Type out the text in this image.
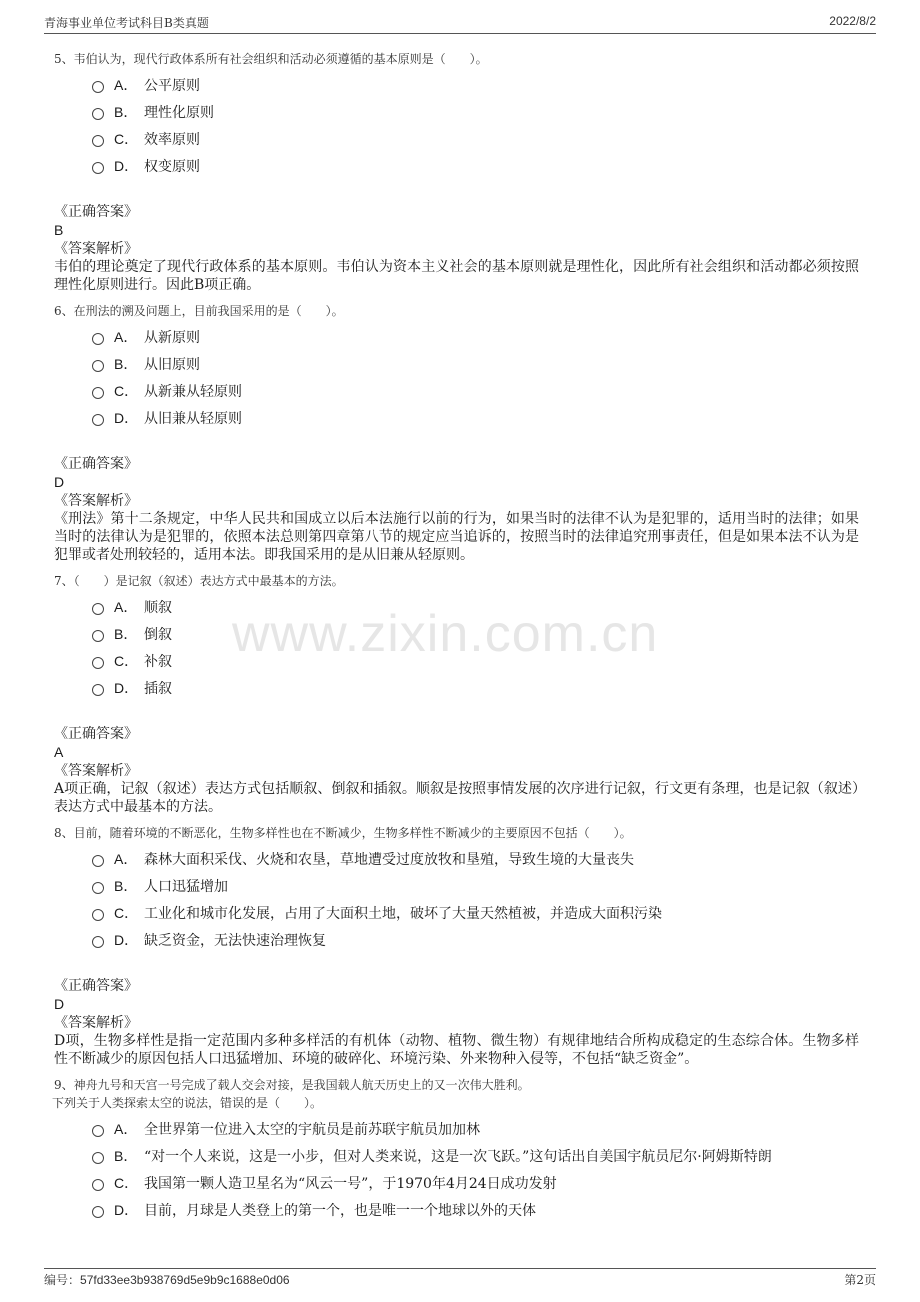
青海事业单位考试科目B类真题	2022/8/2
www.zixin.com.cn
5、韦伯认为，现代行政体系所有社会组织和活动必须遵循的基本原则是（　　）。
A． 公平原则
B． 理性化原则
C． 效率原则
D． 权变原则
《正确答案》
B
《答案解析》
韦伯的理论奠定了现代行政体系的基本原则。韦伯认为资本主义社会的基本原则就是理性化，因此所有社会组织和活动都必须按照理性化原则进行。因此B项正确。
6、在刑法的溯及问题上，目前我国采用的是（　　）。
A． 从新原则
B． 从旧原则
C． 从新兼从轻原则
D． 从旧兼从轻原则
《正确答案》
D
《答案解析》
《刑法》第十二条规定，中华人民共和国成立以后本法施行以前的行为，如果当时的法律不认为是犯罪的，适用当时的法律；如果当时的法律认为是犯罪的，依照本法总则第四章第八节的规定应当追诉的，按照当时的法律追究刑事责任，但是如果本法不认为是犯罪或者处刑较轻的，适用本法。即我国采用的是从旧兼从轻原则。
7、（　　）是记叙（叙述）表达方式中最基本的方法。
A． 顺叙
B． 倒叙
C． 补叙
D． 插叙
《正确答案》
A
《答案解析》
A项正确，记叙（叙述）表达方式包括顺叙、倒叙和插叙。顺叙是按照事情发展的次序进行记叙，行文更有条理，也是记叙（叙述）表达方式中最基本的方法。
8、目前，随着环境的不断恶化，生物多样性也在不断减少，生物多样性不断减少的主要原因不包括（　　）。
A． 森林大面积采伐、火烧和农垦，草地遭受过度放牧和垦殖，导致生境的大量丧失
B． 人口迅猛增加
C． 工业化和城市化发展，占用了大面积土地，破坏了大量天然植被，并造成大面积污染
D． 缺乏资金，无法快速治理恢复
《正确答案》
D
《答案解析》
D项，生物多样性是指一定范围内多种多样活的有机体（动物、植物、微生物）有规律地结合所构成稳定的生态综合体。生物多样性不断减少的原因包括人口迅猛增加、环境的破碎化、环境污染、外来物种入侵等，不包括“缺乏资金”。
9、神舟九号和天宫一号完成了载人交会对接，是我国载人航天历史上的又一次伟大胜利。
下列关于人类探索太空的说法，错误的是（　　）。
A． 全世界第一位进入太空的宇航员是前苏联宇航员加加林
B． “对一个人来说，这是一小步，但对人类来说，这是一次飞跃。”这句话出自美国宇航员尼尔·阿姆斯特朗
C． 我国第一颗人造卫星名为“风云一号”，于1970年4月24日成功发射
D． 目前，月球是人类登上的第一个，也是唯一一个地球以外的天体
编号：57fd33ee3b938769d5e9b9c1688e0d06	第2页
